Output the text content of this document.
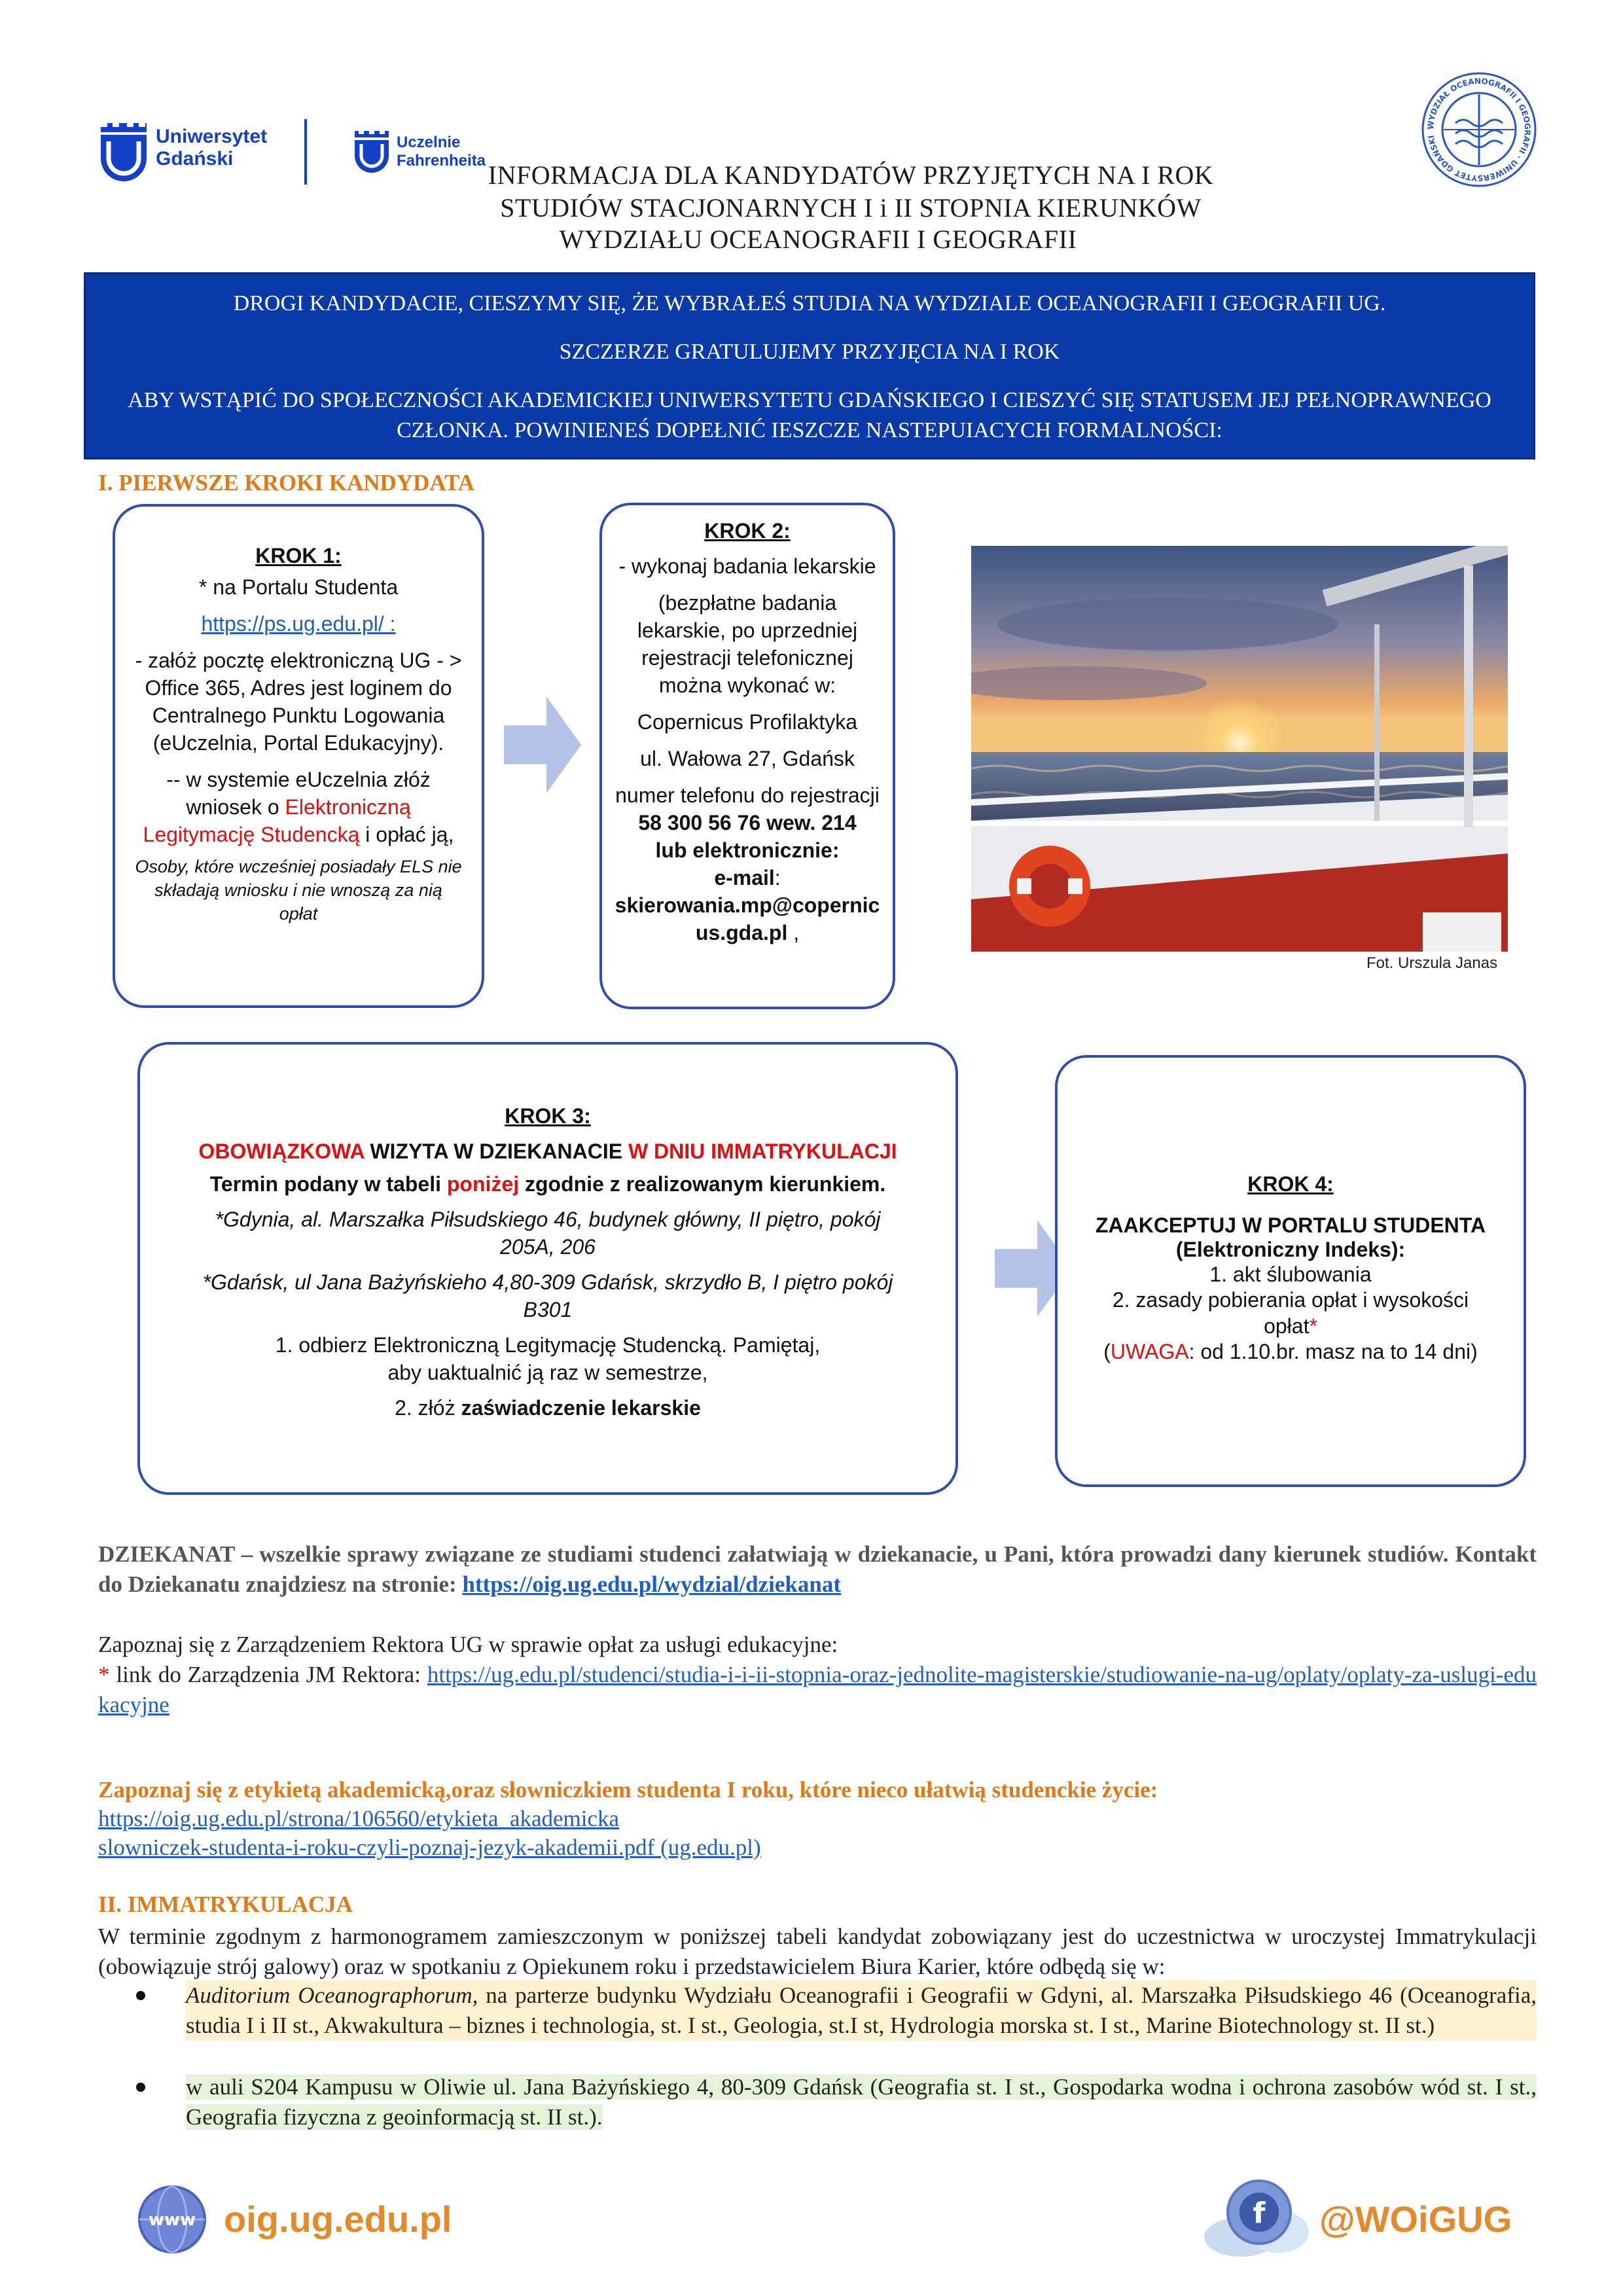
Uniwersytet
Gdański
Uczelnie
Fahrenheita INFORMACJA DLA KANDYDATÓW PRZYJĘTYCH NA I ROK
STUDIÓW STACJONARNYCH I i II STOPNIA KIERUNKÓW
WYDZIAŁU OCEANOGRAFII I GEOGRAFII
WYDZIAŁ OCEANOGRAFII I GEOGRAFII · UNIWERSYTET GDAŃSKI

DROGI KANDYDACIE, CIESZYMY SIĘ, ŻE WYBRAŁEŚ STUDIA NA WYDZIALE OCEANOGRAFII I GEOGRAFII UG.

SZCZERZE GRATULUJEMY PRZYJĘCIA NA I ROK

ABY WSTĄPIĆ DO SPOŁECZNOŚCI AKADEMICKIEJ UNIWERSYTETU GDAŃSKIEGO I CIESZYĆ SIĘ STATUSEM JEJ PEŁNOPRAWNEGO

CZŁONKA. POWINIENEŚ DOPEŁNIĆ IESZCZE NASTEPUIACYCH FORMALNOŚCI:

I. PIERWSZE KROKI KANDYDATA

KROK 1:

* na Portalu Studenta

https://ps.ug.edu.pl/ :

- załóż pocztę elektroniczną UG - > Office 365, Adres jest loginem do Centralnego Punktu Logowania (eUczelnia, Portal Edukacyjny).

-- w systemie eUczelnia złóż wniosek o Elektroniczną Legitymację Studencką i opłać ją,

Osoby, które wcześniej posiadały ELS nie składają wniosku i nie wnoszą za nią opłat

KROK 2:

- wykonaj badania lekarskie

(bezpłatne badania lekarskie, po uprzedniej rejestracji telefonicznej można wykonać w:

Copernicus Profilaktyka

ul. Wałowa 27, Gdańsk

numer telefonu do rejestracji

58 300 56 76 wew. 214

lub elektronicznie:

e-mail:

skierowania.mp@copernicus.gda.pl ,

Fot. Urszula Janas

KROK 3:

OBOWIĄZKOWA WIZYTA W DZIEKANACIE W DNIU IMMATRYKULACJI

Termin podany w tabeli poniżej zgodnie z realizowanym kierunkiem.

*Gdynia, al. Marszałka Piłsudskiego 46, budynek główny, II piętro, pokój 205A, 206

*Gdańsk, ul Jana Bażyńskieho 4,80-309 Gdańsk, skrzydło B, I piętro pokój B301

1. odbierz Elektroniczną Legitymację Studencką. Pamiętaj,

aby uaktualnić ją raz w semestrze,

2. złóż zaświadczenie lekarskie

KROK 4:

ZAAKCEPTUJ W PORTALU STUDENTA

(Elektroniczny Indeks):

1. akt ślubowania

2. zasady pobierania opłat i wysokości opłat*

(UWAGA: od 1.10.br. masz na to 14 dni)

DZIEKANAT – wszelkie sprawy związane ze studiami studenci załatwiają w dziekanacie, u Pani, która prowadzi dany kierunek studiów. Kontakt do Dziekanatu znajdziesz na stronie: https://oig.ug.edu.pl/wydzial/dziekanat
Zapoznaj się z Zarządzeniem Rektora UG w sprawie opłat za usługi edukacyjne:
* link do Zarządzenia JM Rektora: https://ug.edu.pl/studenci/studia-i-i-ii-stopnia-oraz-jednolite-magisterskie/studiowanie-na-ug/oplaty/oplaty-za-uslugi-edukacyjne
Zapoznaj się z etykietą akademicką,oraz słowniczkiem studenta I roku, które nieco ułatwią studenckie życie:
https://oig.ug.edu.pl/strona/106560/etykieta_akademicka
slowniczek-studenta-i-roku-czyli-poznaj-jezyk-akademii.pdf (ug.edu.pl)
II. IMMATRYKULACJA
W terminie zgodnym z harmonogramem zamieszczonym w poniższej tabeli kandydat zobowiązany jest do uczestnictwa w uroczystej Immatrykulacji (obowiązuje strój galowy) oraz w spotkaniu z Opiekunem roku i przedstawicielem Biura Karier, które odbędą się w:
Auditorium Oceanographorum, na parterze budynku Wydziału Oceanografii i Geografii w Gdyni, al. Marszałka Piłsudskiego 46 (Oceanografia, studia I i II st., Akwakultura – biznes i technologia, st. I st., Geologia, st.I st, Hydrologia morska st. I st., Marine Biotechnology st. II st.)
w auli S204 Kampusu w Oliwie ul. Jana Bażyńskiego 4, 80-309 Gdańsk (Geografia st. I st., Gospodarka wodna i ochrona zasobów wód st. I st., Geografia fizyczna z geoinformacją st. II st.).
www oig.ug.edu.pl	f @WOiGUG
